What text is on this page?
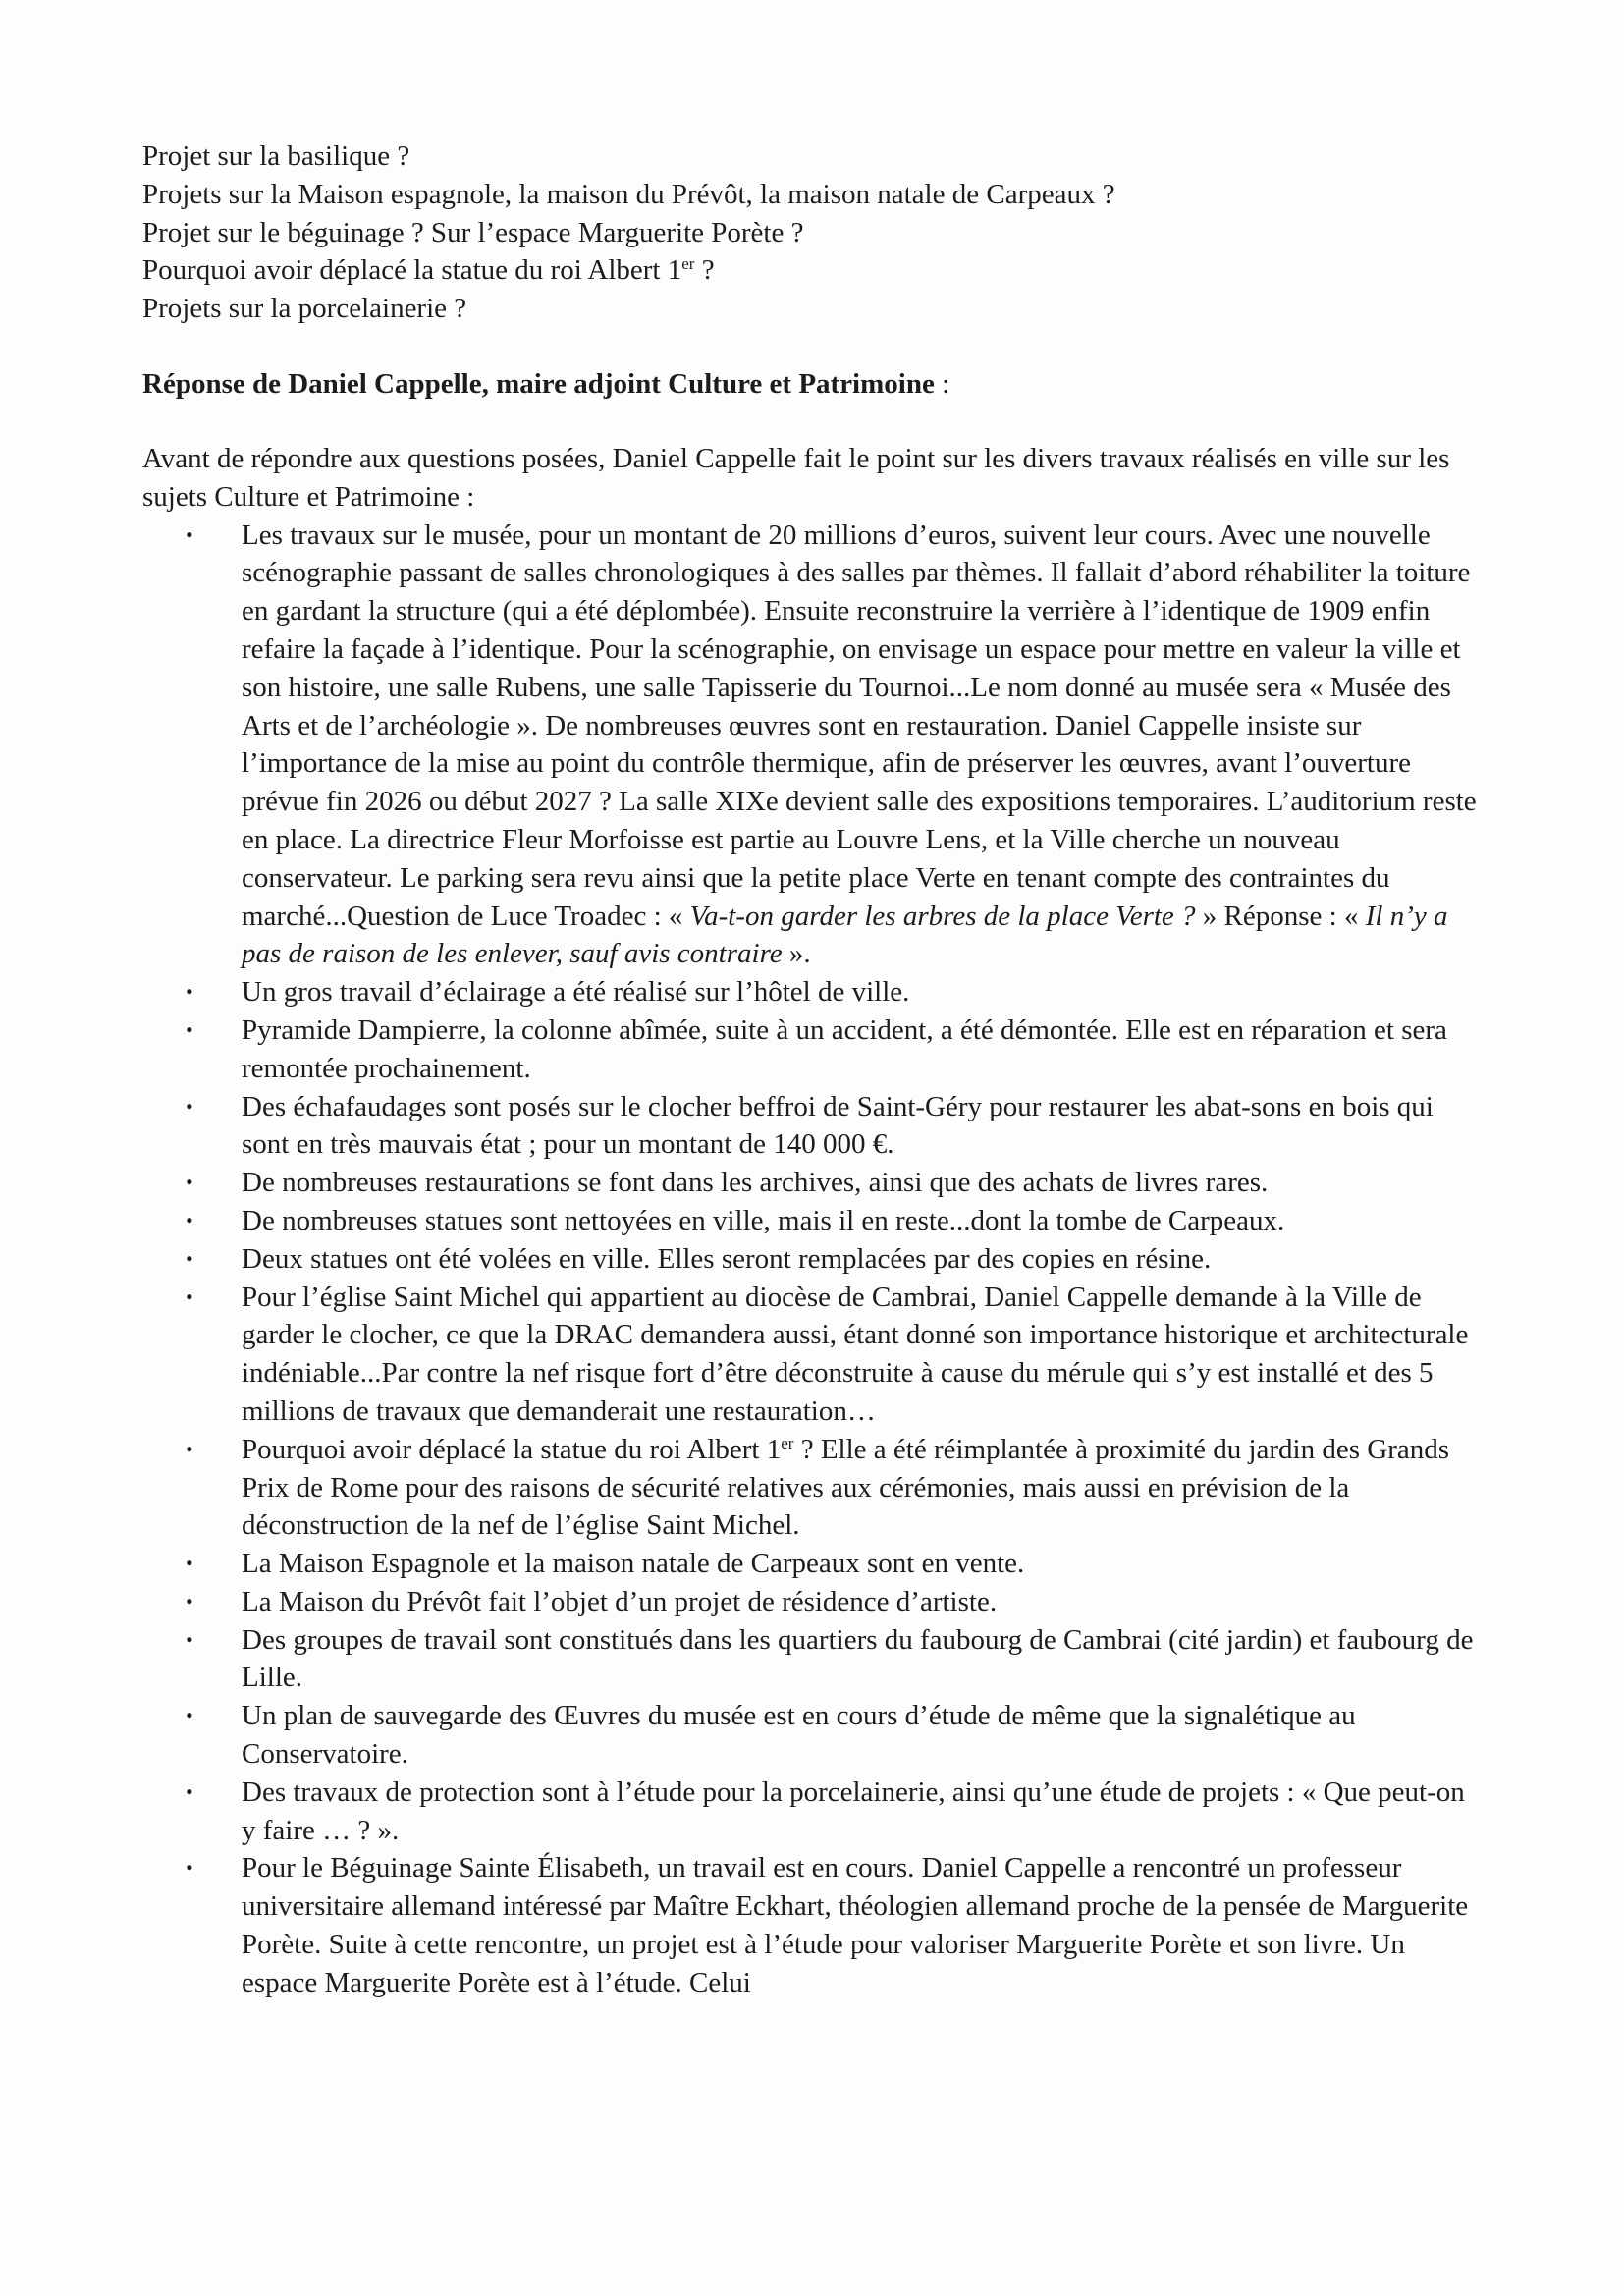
Projet sur la basilique ?

Projets sur la Maison espagnole, la maison du Prévôt, la maison natale de Carpeaux ?

Projet sur le béguinage ? Sur l’espace Marguerite Porète ?

Pourquoi avoir déplacé la statue du roi Albert 1er ?

Projets sur la porcelainerie ?

Réponse de Daniel Cappelle, maire adjoint Culture et Patrimoine :

Avant de répondre aux questions posées, Daniel Cappelle fait le point sur les divers travaux réalisés en ville sur les sujets Culture et Patrimoine :

• Les travaux sur le musée, pour un montant de 20 millions d’euros, suivent leur cours. Avec une nouvelle scénographie passant de salles chronologiques à des salles par thèmes. Il fallait d’abord réhabiliter la toiture en gardant la structure (qui a été déplombée). Ensuite reconstruire la verrière à l’identique de 1909 enfin refaire la façade à l’identique. Pour la scénographie, on envisage un espace pour mettre en valeur la ville et son histoire, une salle Rubens, une salle Tapisserie du Tournoi...Le nom donné au musée sera « Musée des Arts et de l’archéologie ». De nombreuses œuvres sont en restauration. Daniel Cappelle insiste sur l’importance de la mise au point du contrôle thermique, afin de préserver les œuvres, avant l’ouverture prévue fin 2026 ou début 2027 ? La salle XIXe devient salle des expositions temporaires. L’auditorium reste en place. La directrice Fleur Morfoisse est partie au Louvre Lens, et la Ville cherche un nouveau conservateur. Le parking sera revu ainsi que la petite place Verte en tenant compte des contraintes du marché...Question de Luce Troadec : « Va-t-on garder les arbres de la place Verte ? » Réponse : « Il n’y a pas de raison de les enlever, sauf avis contraire ».
• Un gros travail d’éclairage a été réalisé sur l’hôtel de ville.
• Pyramide Dampierre, la colonne abîmée, suite à un accident, a été démontée. Elle est en réparation et sera remontée prochainement.
• Des échafaudages sont posés sur le clocher beffroi de Saint-Géry pour restaurer les abat-sons en bois qui sont en très mauvais état ; pour un montant de 140 000 €.
• De nombreuses restaurations se font dans les archives, ainsi que des achats de livres rares.
• De nombreuses statues sont nettoyées en ville, mais il en reste...dont la tombe de Carpeaux.
• Deux statues ont été volées en ville. Elles seront remplacées par des copies en résine.
• Pour l’église Saint Michel qui appartient au diocèse de Cambrai, Daniel Cappelle demande à la Ville de garder le clocher, ce que la DRAC demandera aussi, étant donné son importance historique et architecturale indéniable...Par contre la nef risque fort d’être déconstruite à cause du mérule qui s’y est installé et des 5 millions de travaux que demanderait une restauration…
• Pourquoi avoir déplacé la statue du roi Albert 1er ? Elle a été réimplantée à proximité du jardin des Grands Prix de Rome pour des raisons de sécurité relatives aux cérémonies, mais aussi en prévision de la déconstruction de la nef de l’église Saint Michel.
• La Maison Espagnole et la maison natale de Carpeaux sont en vente.
• La Maison du Prévôt fait l’objet d’un projet de résidence d’artiste.
• Des groupes de travail sont constitués dans les quartiers du faubourg de Cambrai (cité jardin) et faubourg de Lille.
• Un plan de sauvegarde des Œuvres du musée est en cours d’étude de même que la signalétique au Conservatoire.
• Des travaux de protection sont à l’étude pour la porcelainerie, ainsi qu’une étude de projets : « Que peut-on y faire … ? ».
• Pour le Béguinage Sainte Élisabeth, un travail est en cours. Daniel Cappelle a rencontré un professeur universitaire allemand intéressé par Maître Eckhart, théologien allemand proche de la pensée de Marguerite Porète. Suite à cette rencontre, un projet est à l’étude pour valoriser Marguerite Porète et son livre. Un espace Marguerite Porète est à l’étude. Celui
